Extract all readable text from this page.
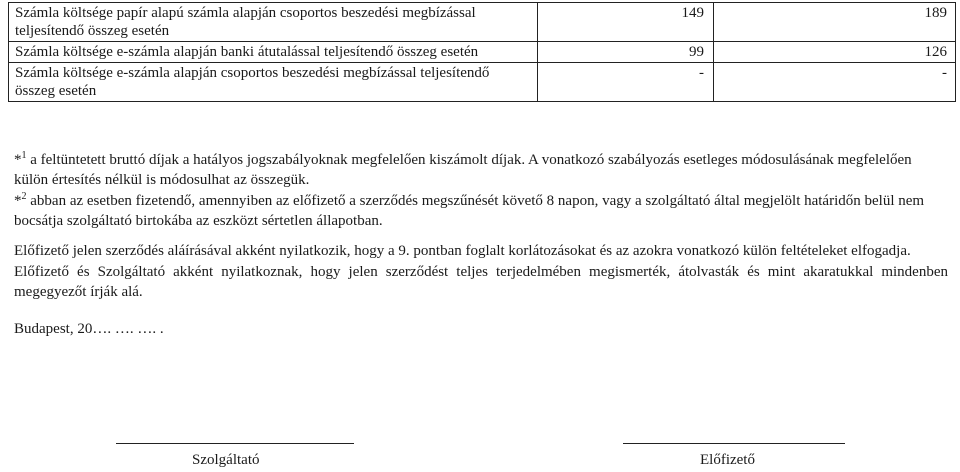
Számla költsége papír alapú számla alapján csoportos beszedési megbízással teljesítendő összeg esetén	149	189
Számla költsége e-számla alapján banki átutalással teljesítendő összeg esetén	99	126
Számla költsége e-számla alapján csoportos beszedési megbízással teljesítendő összeg esetén	-	-
*$^1$ a feltüntetett bruttó díjak a hatályos jogszabályoknak megfelelően kiszámolt díjak. A vonatkozó szabályozás esetleges módosulásának megfelelően külön értesítés nélkül is módosulhat az összegük.
*$^2$ abban az esetben fizetendő, amennyiben az előfizető a szerződés megszűnését követő 8 napon, vagy a szolgáltató által megjelölt határidőn belül nem bocsátja szolgáltató birtokába az eszközt sértetlen állapotban.
Előfizető jelen szerződés aláírásával akként nyilatkozik, hogy a 9. pontban foglalt korlátozásokat és az azokra vonatkozó külön feltételeket elfogadja.
Előfizető és Szolgáltató akként nyilatkoznak, hogy jelen szerződést teljes terjedelmében megismerték, átolvasták és mint akaratukkal mindenben megegyezőt írják alá.
Budapest, 20…. …. …. .
Szolgáltató	Előfizető
